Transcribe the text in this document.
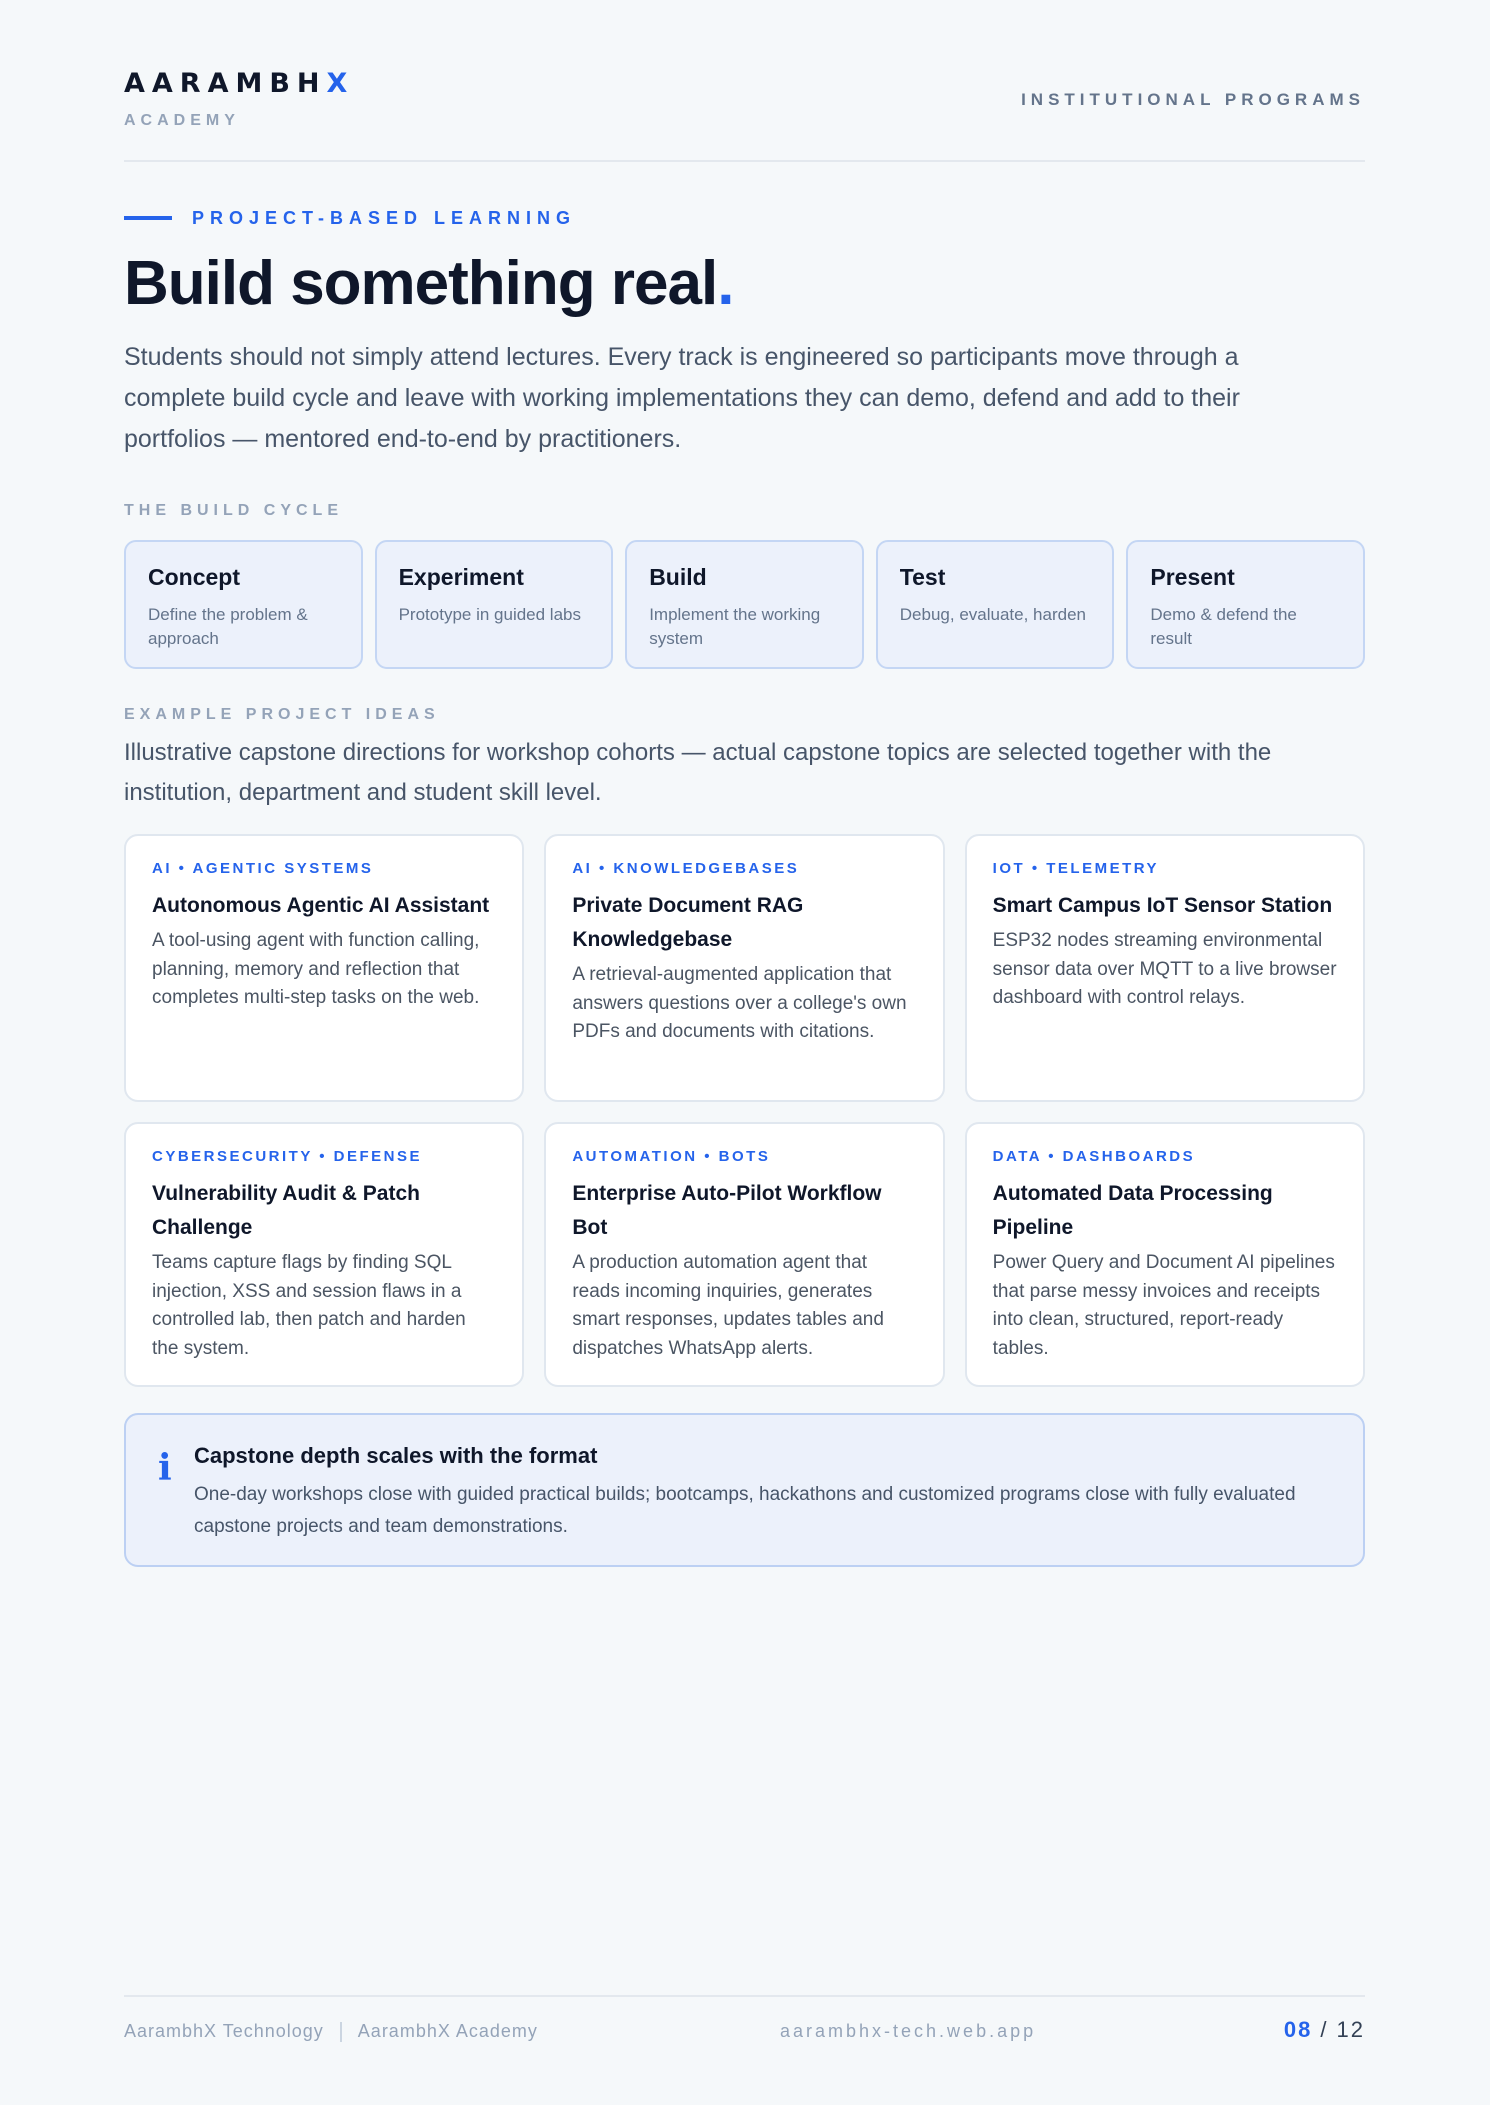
AARAMBHX
ACADEMY
INSTITUTIONAL PROGRAMS
PROJECT-BASED LEARNING
Build something real.

Students should not simply attend lectures. Every track is engineered so participants move through a complete build cycle and leave with working implementations they can demo, defend and add to their portfolios — mentored end-to-end by practitioners.

THE BUILD CYCLE
Concept
Define the problem & approach
Experiment
Prototype in guided labs
Build
Implement the working system
Test
Debug, evaluate, harden
Present
Demo & defend the result
EXAMPLE PROJECT IDEAS

Illustrative capstone directions for workshop cohorts — actual capstone topics are selected together with the institution, department and student skill level.

AI • AGENTIC SYSTEMS
Autonomous Agentic AI Assistant
A tool-using agent with function calling, planning, memory and reflection that completes multi-step tasks on the web.
AI • KNOWLEDGEBASES
Private Document RAG Knowledgebase
A retrieval-augmented application that answers questions over a college's own PDFs and documents with citations.
IOT • TELEMETRY
Smart Campus IoT Sensor Station
ESP32 nodes streaming environmental sensor data over MQTT to a live browser dashboard with control relays.
CYBERSECURITY • DEFENSE
Vulnerability Audit & Patch Challenge
Teams capture flags by finding SQL injection, XSS and session flaws in a controlled lab, then patch and harden the system.
AUTOMATION • BOTS
Enterprise Auto-Pilot Workflow Bot
A production automation agent that reads incoming inquiries, generates smart responses, updates tables and dispatches WhatsApp alerts.
DATA • DASHBOARDS
Automated Data Processing Pipeline
Power Query and Document AI pipelines that parse messy invoices and receipts into clean, structured, report-ready tables.
i Capstone depth scales with the format
One-day workshops close with guided practical builds; bootcamps, hackathons and customized programs close with fully evaluated capstone projects and team demonstrations.
AarambhX Technology AarambhX Academy	aarambhx-tech.web.app	08 / 12
